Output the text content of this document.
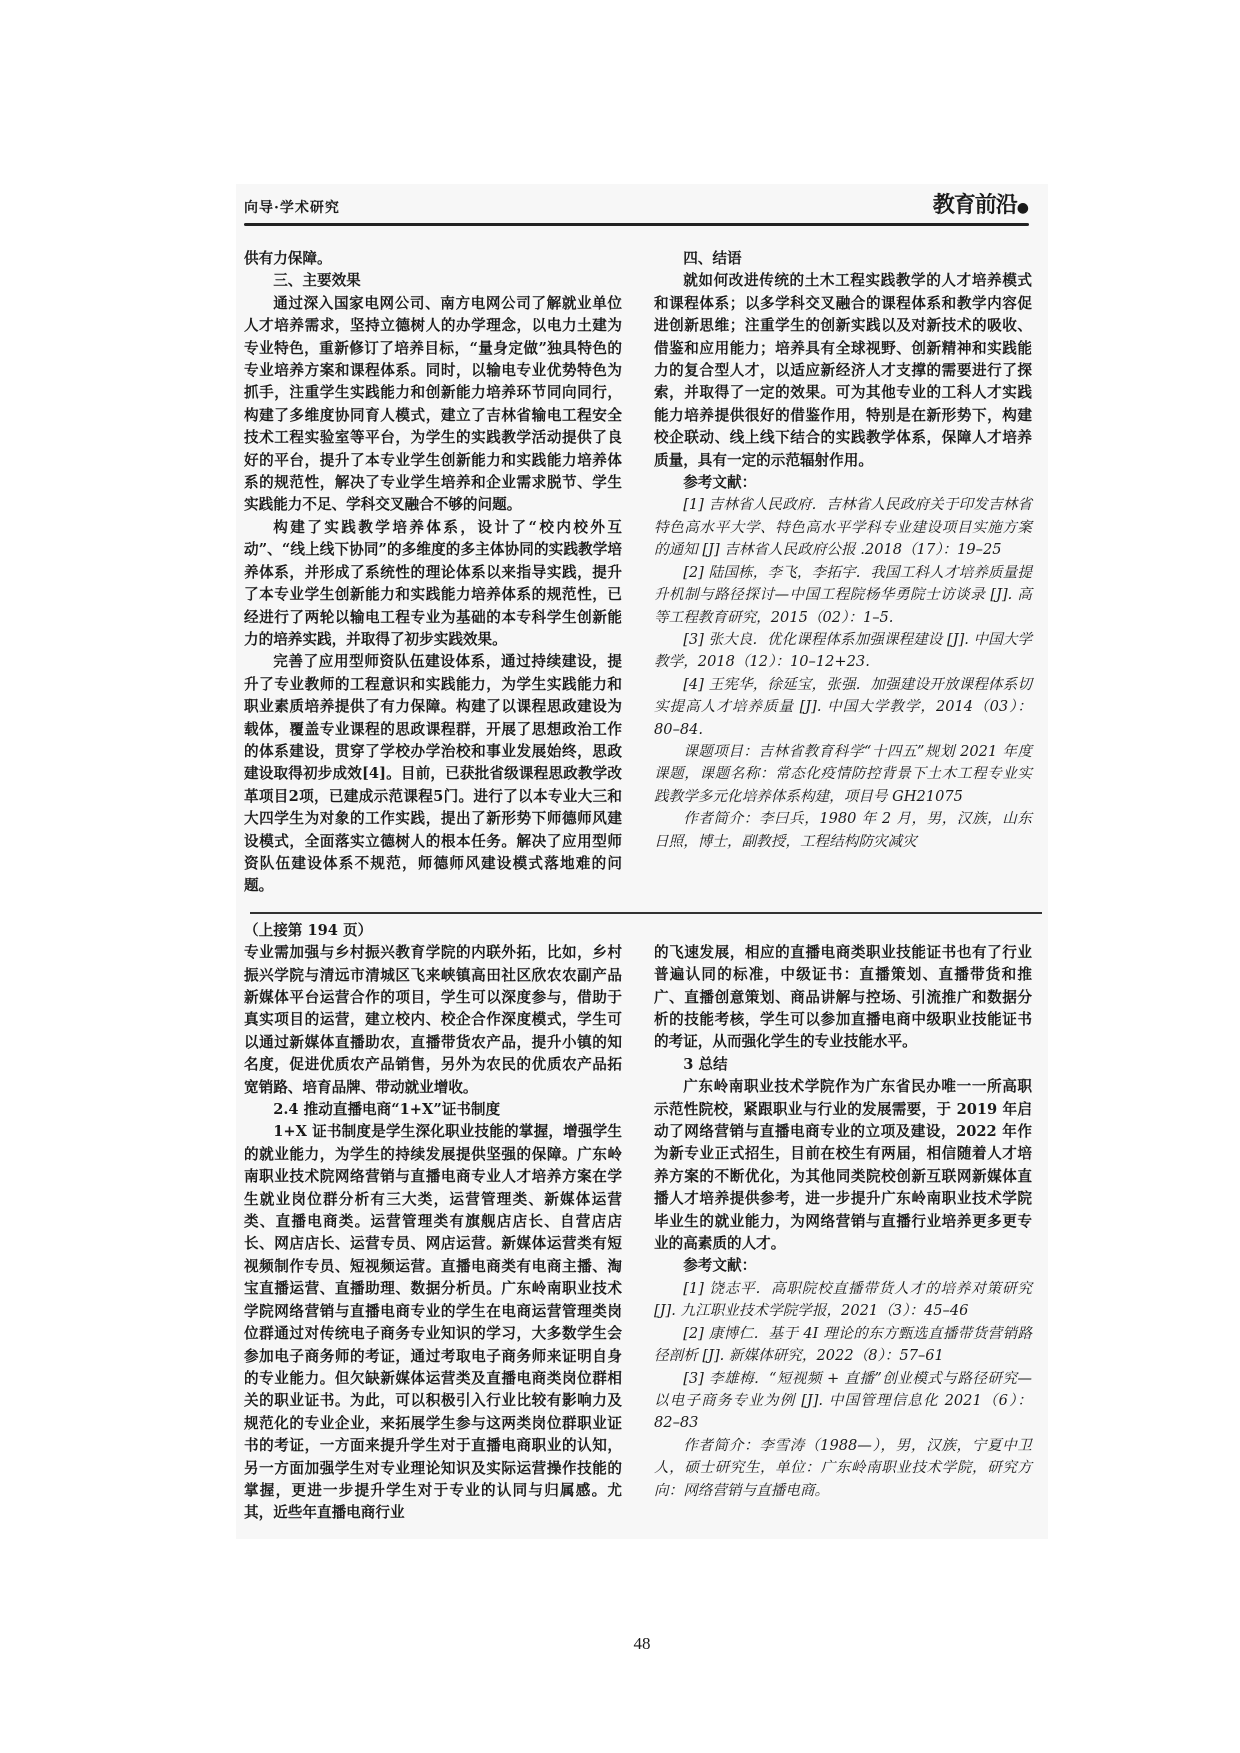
向导·学术研究	教育前沿●

供有力保障。

三、主要效果

通过深入国家电网公司、南方电网公司了解就业单位人才培养需求，坚持立德树人的办学理念，以电力土建为专业特色，重新修订了培养目标，“量身定做”独具特色的专业培养方案和课程体系。同时，以输电专业优势特色为抓手，注重学生实践能力和创新能力培养环节同向同行，构建了多维度协同育人模式，建立了吉林省输电工程安全技术工程实验室等平台，为学生的实践教学活动提供了良好的平台，提升了本专业学生创新能力和实践能力培养体系的规范性，解决了专业学生培养和企业需求脱节、学生实践能力不足、学科交叉融合不够的问题。

构建了实践教学培养体系，设计了“校内校外互动”、“线上线下协同”的多维度的多主体协同的实践教学培养体系，并形成了系统性的理论体系以来指导实践，提升了本专业学生创新能力和实践能力培养体系的规范性，已经进行了两轮以输电工程专业为基础的本专科学生创新能力的培养实践，并取得了初步实践效果。

完善了应用型师资队伍建设体系，通过持续建设，提升了专业教师的工程意识和实践能力，为学生实践能力和职业素质培养提供了有力保障。构建了以课程思政建设为载体，覆盖专业课程的思政课程群，开展了思想政治工作的体系建设，贯穿了学校办学治校和事业发展始终，思政建设取得初步成效[4]。目前，已获批省级课程思政教学改革项目2项，已建成示范课程5门。进行了以本专业大三和大四学生为对象的工作实践，提出了新形势下师德师风建设模式，全面落实立德树人的根本任务。解决了应用型师资队伍建设体系不规范，师德师风建设模式落地难的问题。

四、结语

就如何改进传统的土木工程实践教学的人才培养模式和课程体系；以多学科交叉融合的课程体系和教学内容促进创新思维；注重学生的创新实践以及对新技术的吸收、借鉴和应用能力；培养具有全球视野、创新精神和实践能力的复合型人才，以适应新经济人才支撑的需要进行了探索，并取得了一定的效果。可为其他专业的工科人才实践能力培养提供很好的借鉴作用，特别是在新形势下，构建校企联动、线上线下结合的实践教学体系，保障人才培养质量，具有一定的示范辐射作用。

参考文献：

[1] 吉林省人民政府．吉林省人民政府关于印发吉林省特色高水平大学、特色高水平学科专业建设项目实施方案的通知 [J] 吉林省人民政府公报 .2018（17）：19–25

[2] 陆国栋，李飞，李拓宇．我国工科人才培养质量提升机制与路径探讨—中国工程院杨华勇院士访谈录 [J]. 高等工程教育研究，2015（02）：1–5.

[3] 张大良．优化课程体系加强课程建设 [J]. 中国大学教学，2018（12）：10–12+23.

[4] 王宪华，徐延宝，张强．加强建设开放课程体系切实提高人才培养质量 [J]. 中国大学教学，2014（03）：80–84.

课题项目：吉林省教育科学“十四五”规划 2021 年度课题，课题名称：常态化疫情防控背景下土木工程专业实践教学多元化培养体系构建，项目号 GH21075

作者简介：李曰兵，1980 年 2 月，男，汉族，山东日照，博士，副教授，工程结构防灾减灾

（上接第 194 页）

专业需加强与乡村振兴教育学院的内联外拓，比如，乡村振兴学院与清远市清城区飞来峡镇高田社区欣农农副产品新媒体平台运营合作的项目，学生可以深度参与，借助于真实项目的运营，建立校内、校企合作深度模式，学生可以通过新媒体直播助农，直播带货农产品，提升小镇的知名度，促进优质农产品销售，另外为农民的优质农产品拓宽销路、培育品牌、带动就业增收。

2.4 推动直播电商“1+X”证书制度

1+X 证书制度是学生深化职业技能的掌握，增强学生的就业能力，为学生的持续发展提供坚强的保障。广东岭南职业技术院网络营销与直播电商专业人才培养方案在学生就业岗位群分析有三大类，运营管理类、新媒体运营类、直播电商类。运营管理类有旗舰店店长、自营店店长、网店店长、运营专员、网店运营。新媒体运营类有短视频制作专员、短视频运营。直播电商类有电商主播、淘宝直播运营、直播助理、数据分析员。广东岭南职业技术学院网络营销与直播电商专业的学生在电商运营管理类岗位群通过对传统电子商务专业知识的学习，大多数学生会参加电子商务师的考证，通过考取电子商务师来证明自身的专业能力。但欠缺新媒体运营类及直播电商类岗位群相关的职业证书。为此，可以积极引入行业比较有影响力及规范化的专业企业，来拓展学生参与这两类岗位群职业证书的考证，一方面来提升学生对于直播电商职业的认知，另一方面加强学生对专业理论知识及实际运营操作技能的掌握，更进一步提升学生对于专业的认同与归属感。尤其，近些年直播电商行业

的飞速发展，相应的直播电商类职业技能证书也有了行业普遍认同的标准，中级证书：直播策划、直播带货和推广、直播创意策划、商品讲解与控场、引流推广和数据分析的技能考核，学生可以参加直播电商中级职业技能证书的考证，从而强化学生的专业技能水平。

3 总结

广东岭南职业技术学院作为广东省民办唯一一所高职示范性院校，紧跟职业与行业的发展需要，于 2019 年启动了网络营销与直播电商专业的立项及建设，2022 年作为新专业正式招生，目前在校生有两届，相信随着人才培养方案的不断优化，为其他同类院校创新互联网新媒体直播人才培养提供参考，进一步提升广东岭南职业技术学院毕业生的就业能力，为网络营销与直播行业培养更多更专业的高素质的人才。

参考文献：

[1] 饶志平．高职院校直播带货人才的培养对策研究 [J]. 九江职业技术学院学报，2021（3）：45–46

[2] 康博仁．基于 4I 理论的东方甄选直播带货营销路径剖析 [J]. 新媒体研究，2022（8）：57–61

[3] 李雄梅．“短视频 + 直播”创业模式与路径研究—以电子商务专业为例 [J]. 中国管理信息化 2021（6）：82–83

作者简介：李雪涛（1988—），男，汉族，宁夏中卫人，硕士研究生，单位：广东岭南职业技术学院，研究方向：网络营销与直播电商。

48
